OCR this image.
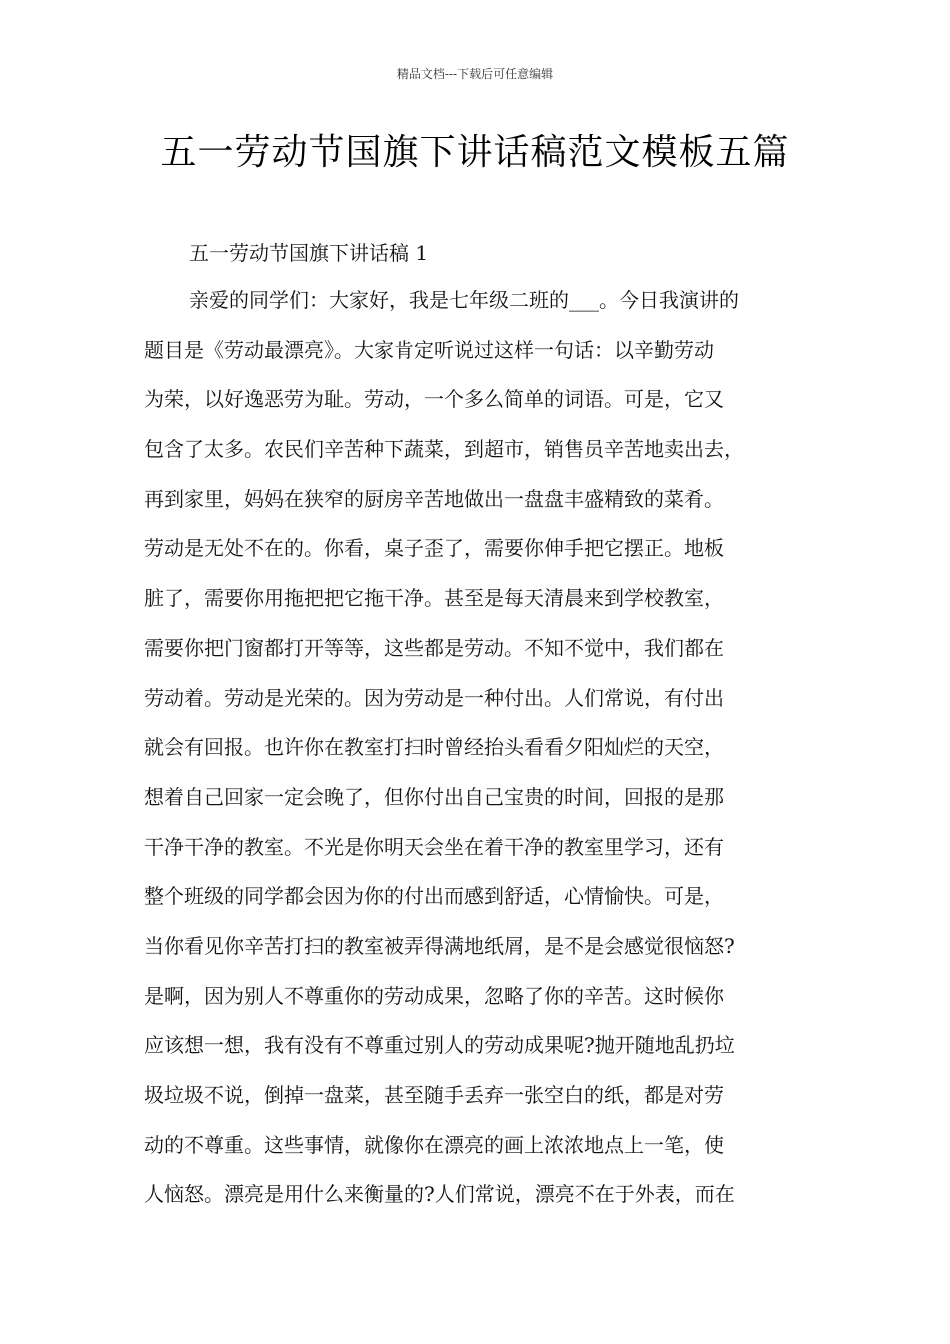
精品文档---下载后可任意编辑
五一劳动节国旗下讲话稿范文模板五篇
五一劳动节国旗下讲话稿 1
亲爱的同学们：大家好，我是七年级二班的___。今日我演讲的
题目是《劳动最漂亮》。大家肯定听说过这样一句话：以辛勤劳动
为荣，以好逸恶劳为耻。劳动，一个多么简单的词语。可是，它又
包含了太多。农民们辛苦种下蔬菜，到超市，销售员辛苦地卖出去，
再到家里，妈妈在狭窄的厨房辛苦地做出一盘盘丰盛精致的菜肴。
劳动是无处不在的。你看，桌子歪了，需要你伸手把它摆正。地板
脏了，需要你用拖把把它拖干净。甚至是每天清晨来到学校教室，
需要你把门窗都打开等等，这些都是劳动。不知不觉中，我们都在
劳动着。劳动是光荣的。因为劳动是一种付出。人们常说，有付出
就会有回报。也许你在教室打扫时曾经抬头看看夕阳灿烂的天空，
想着自己回家一定会晚了，但你付出自己宝贵的时间，回报的是那
干净干净的教室。不光是你明天会坐在着干净的教室里学习，还有
整个班级的同学都会因为你的付出而感到舒适，心情愉快。可是，
当你看见你辛苦打扫的教室被弄得满地纸屑，是不是会感觉很恼怒?
是啊，因为别人不尊重你的劳动成果，忽略了你的辛苦。这时候你
应该想一想，我有没有不尊重过别人的劳动成果呢?抛开随地乱扔垃
圾垃圾不说，倒掉一盘菜，甚至随手丢弃一张空白的纸，都是对劳
动的不尊重。这些事情，就像你在漂亮的画上浓浓地点上一笔，使
人恼怒。漂亮是用什么来衡量的?人们常说，漂亮不在于外表，而在
